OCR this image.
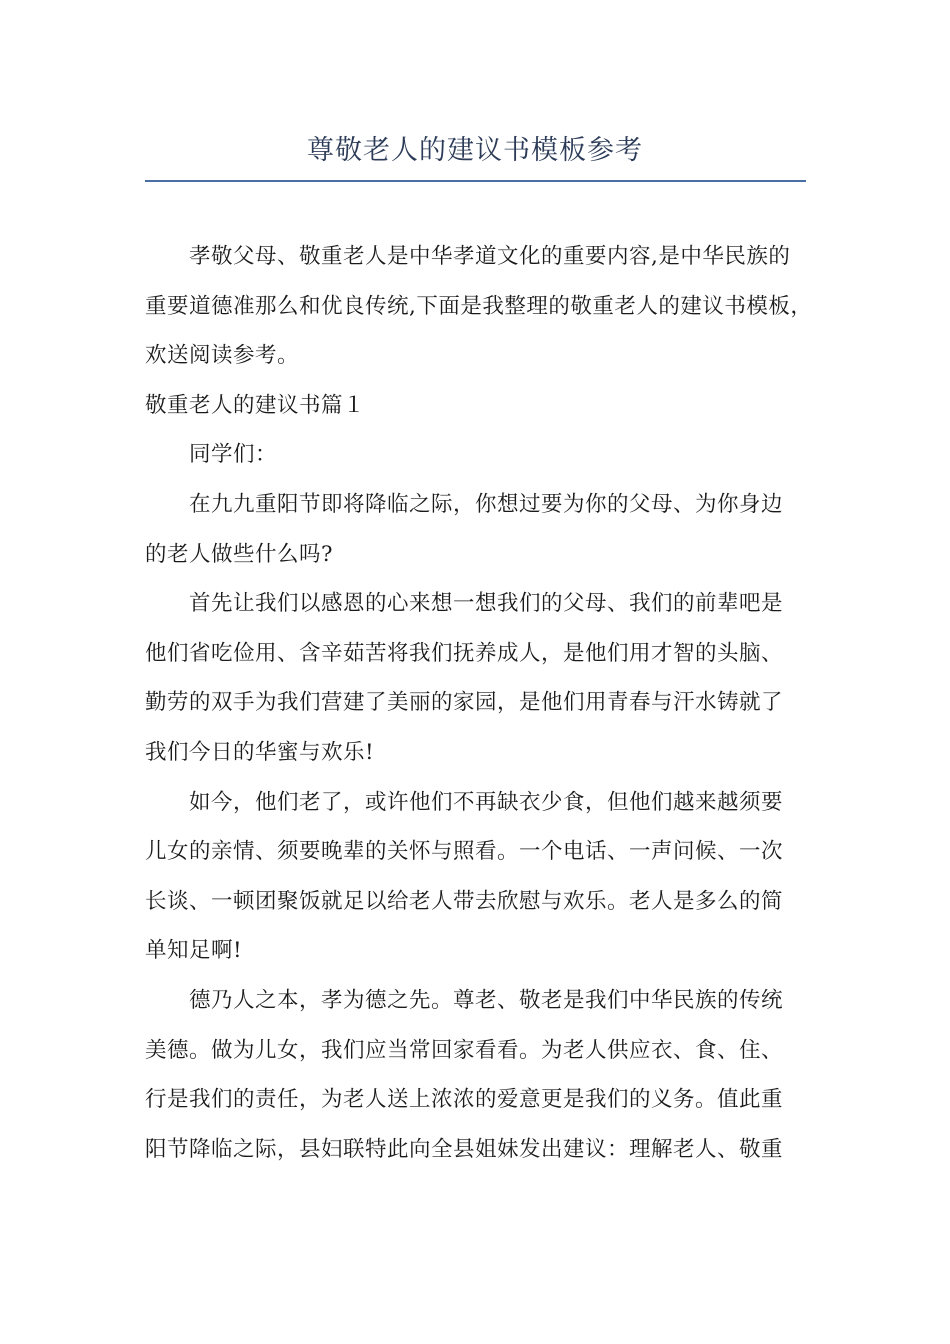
尊敬老人的建议书模板参考

孝敬父母、敬重老人是中华孝道文化的重要内容,是中华民族的
重要道德准那么和优良传统,下面是我整理的敬重老人的建议书模板，
欢送阅读参考。

敬重老人的建议书篇１

同学们：

在九九重阳节即将降临之际，你想过要为你的父母、为你身边
的老人做些什么吗?

首先让我们以感恩的心来想一想我们的父母、我们的前辈吧是
他们省吃俭用、含辛茹苦将我们抚养成人，是他们用才智的头脑、
勤劳的双手为我们营建了美丽的家园，是他们用青春与汗水铸就了
我们今日的华蜜与欢乐!

如今，他们老了，或许他们不再缺衣少食，但他们越来越须要
儿女的亲情、须要晚辈的关怀与照看。一个电话、一声问候、一次
长谈、一顿团聚饭就足以给老人带去欣慰与欢乐。老人是多么的简
单知足啊!

德乃人之本，孝为德之先。尊老、敬老是我们中华民族的传统
美德。做为儿女，我们应当常回家看看。为老人供应衣、食、住、
行是我们的责任，为老人送上浓浓的爱意更是我们的义务。值此重
阳节降临之际，县妇联特此向全县姐妹发出建议：理解老人、敬重
